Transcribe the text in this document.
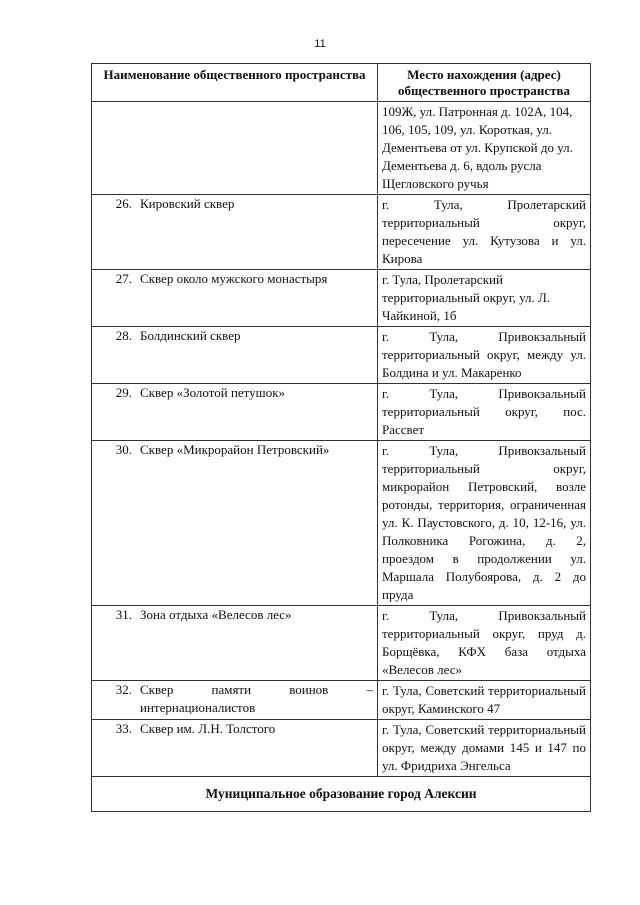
11
Наименование общественного пространства	Место нахождения (адрес) общественного пространства
	109Ж, ул. Патронная д. 102А, 104, 106, 105, 109, ул. Короткая, ул. Дементьева от ул. Крупской до ул. Дементьева д. 6, вдоль русла Щегловского ручья

26. Кировский сквер	г. Тула, Пролетарский территориальный округ, пересечение ул. Кутузова и ул. Кирова

27. Сквер около мужского монастыря	г. Тула, Пролетарский территориальный округ, ул. Л. Чайкиной, 1б

28. Болдинский сквер	г. Тула, Привокзальный территориальный округ, между ул. Болдина и ул. Макаренко

29. Сквер «Золотой петушок»	г. Тула, Привокзальный территориальный округ, пос. Рассвет

30. Сквер «Микрорайон Петровский»	г. Тула, Привокзальный территориальный округ, микрорайон Петровский, возле ротонды, территория, ограниченная ул. К. Паустовского, д. 10, 12-16, ул. Полковника Рогожина, д. 2, проездом в продолжении ул. Маршала Полубоярова, д. 2 до пруда

31. Зона отдыха «Велесов лес»	г. Тула, Привокзальный территориальный округ, пруд д. Борщёвка, КФХ база отдыха «Велесов лес»

32. Сквер памяти воинов – интернационалистов	г. Тула, Советский территориальный округ, Каминского 47

33. Сквер им. Л.Н. Толстого	г. Тула, Советский территориальный округ, между домами 145 и 147 по ул. Фридриха Энгельса
Муниципальное образование город Алексин	
